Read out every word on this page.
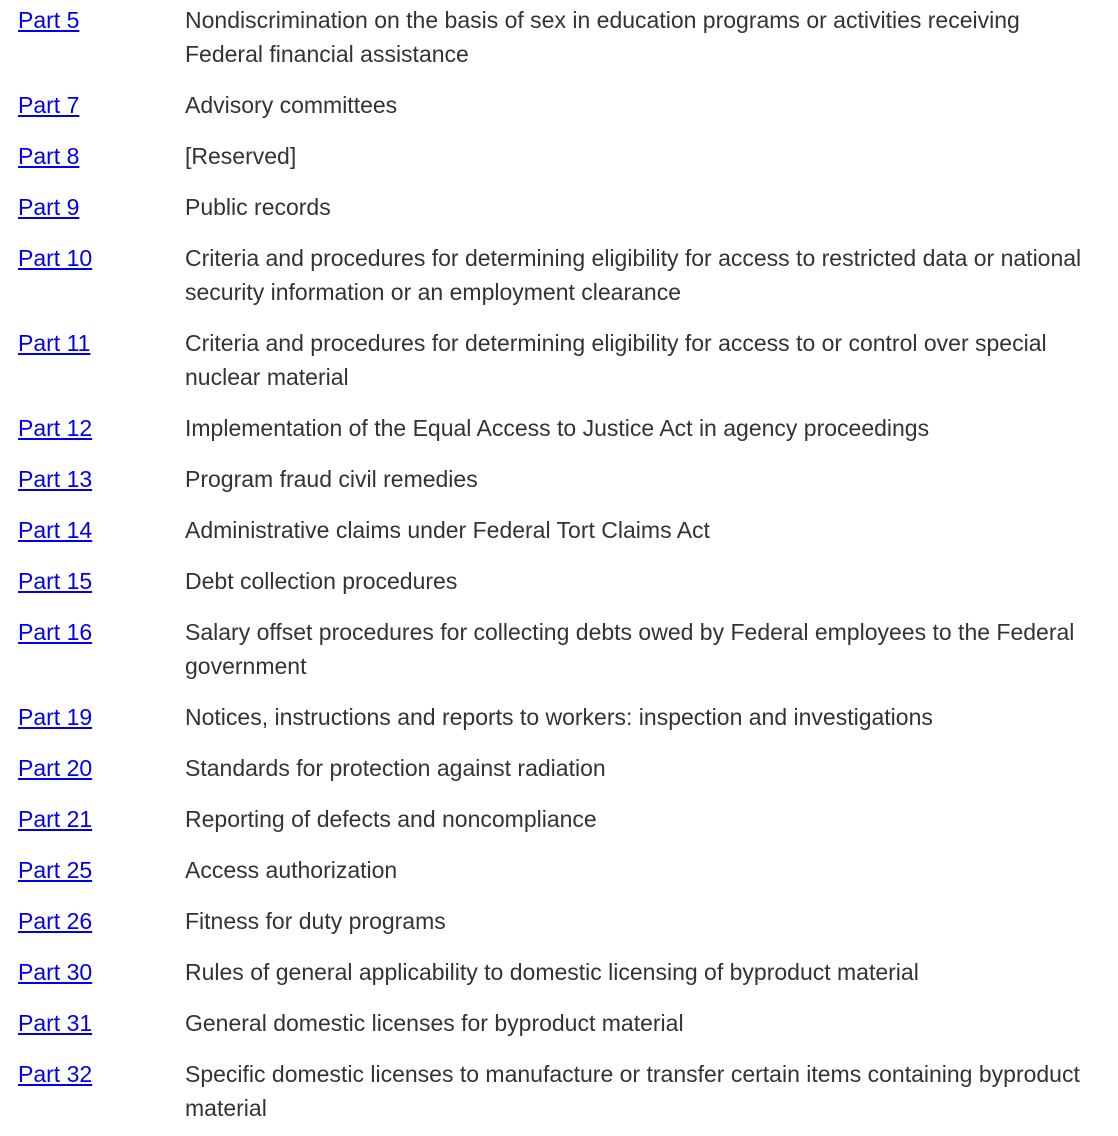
Part 5	Nondiscrimination on the basis of sex in education programs or activities receiving Federal financial assistance
Part 7	Advisory committees
Part 8	[Reserved]
Part 9	Public records
Part 10	Criteria and procedures for determining eligibility for access to restricted data or national security information or an employment clearance
Part 11	Criteria and procedures for determining eligibility for access to or control over special nuclear material
Part 12	Implementation of the Equal Access to Justice Act in agency proceedings
Part 13	Program fraud civil remedies
Part 14	Administrative claims under Federal Tort Claims Act
Part 15	Debt collection procedures
Part 16	Salary offset procedures for collecting debts owed by Federal employees to the Federal government
Part 19	Notices, instructions and reports to workers: inspection and investigations
Part 20	Standards for protection against radiation
Part 21	Reporting of defects and noncompliance
Part 25	Access authorization
Part 26	Fitness for duty programs
Part 30	Rules of general applicability to domestic licensing of byproduct material
Part 31	General domestic licenses for byproduct material
Part 32	Specific domestic licenses to manufacture or transfer certain items containing byproduct material
